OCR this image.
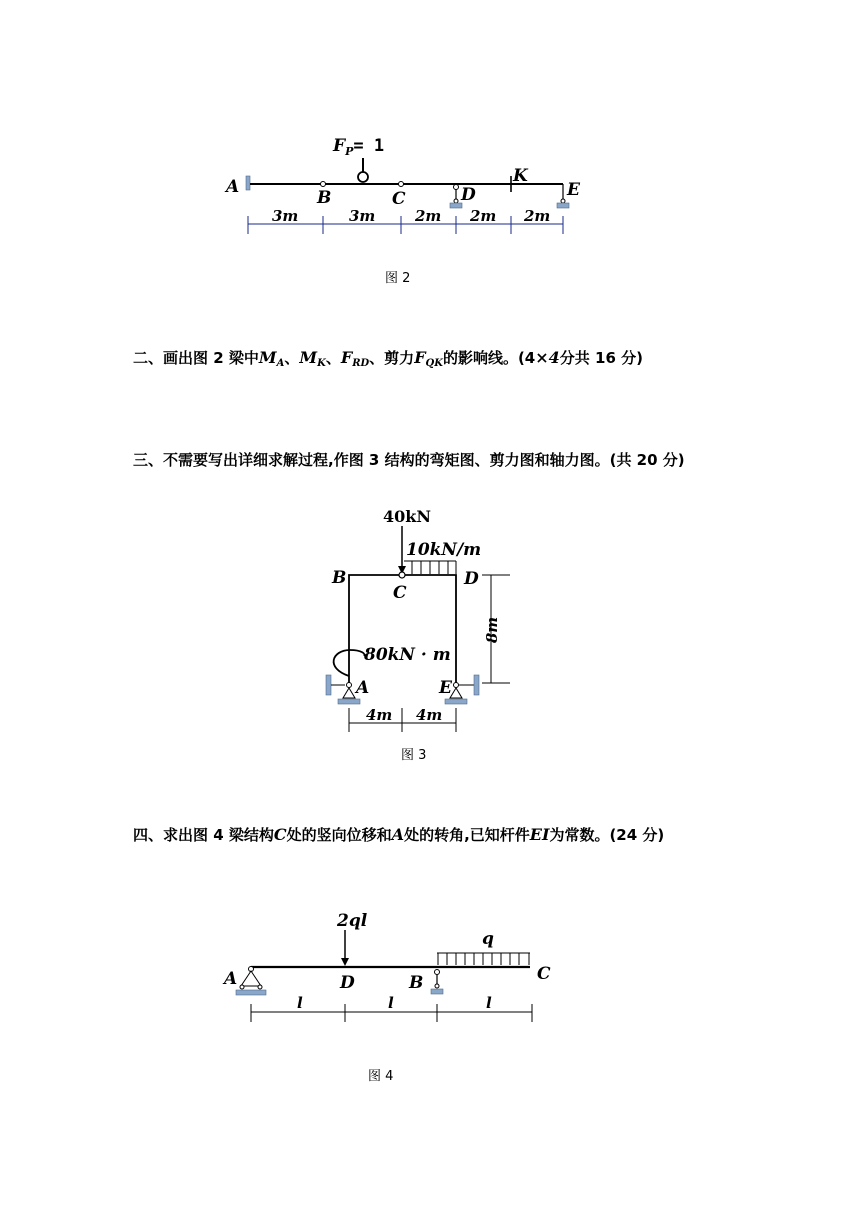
$F_P= 1$
A
B	C	D
K
E
3m	3m	2m 2m 2m
图 2
二、画出图 2 梁中MA、MK、FRD、剪力FQK的影响线。(4×4分共 16 分)
三、不需要写出详细求解过程,作图 3 结构的弯矩图、剪力图和轴力图。(共 20 分)
40kN
10kN/m
B
C
D
A	E
80kN · m
8m
4m 4m
图 3
四、求出图 4 梁结构C处的竖向位移和A处的转角,已知杆件EI为常数。(24 分)
2ql
q
A	D	B	C
l	l	l
图 4
